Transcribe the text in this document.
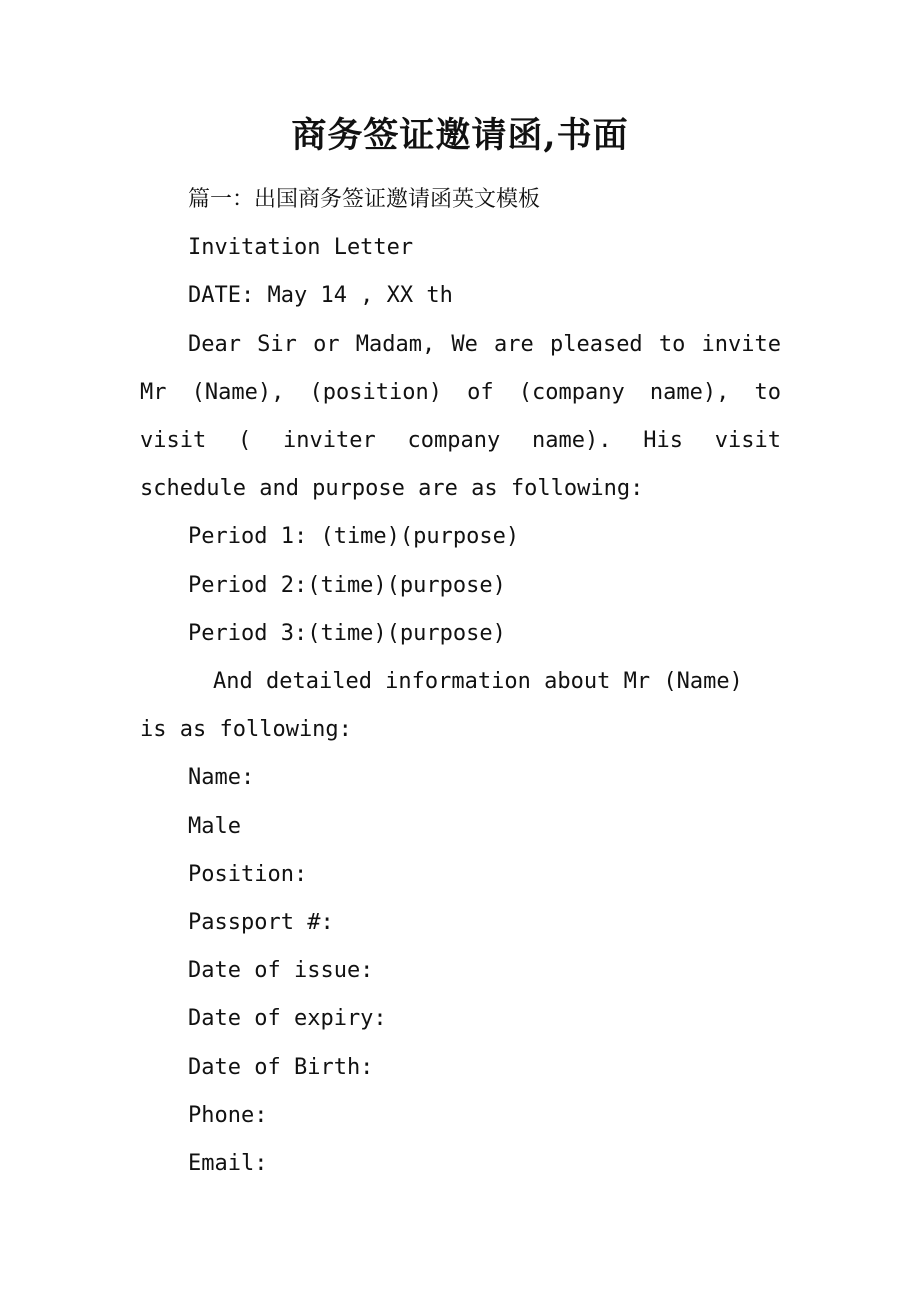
商务签证邀请函,书面

篇一：出国商务签证邀请函英文模板

Invitation Letter

DATE: May 14 , XX th

Dear Sir or Madam, We are pleased to invite Mr (Name), (position) of (company name), to visit ( inviter company name). His visit schedule and purpose are as following:

Period 1: (time)(purpose)

Period 2:(time)(purpose)

Period 3:(time)(purpose)

And detailed information about Mr (Name) is as following:

Name:

Male

Position:

Passport #:

Date of issue:

Date of expiry:

Date of Birth:

Phone:

Email:
